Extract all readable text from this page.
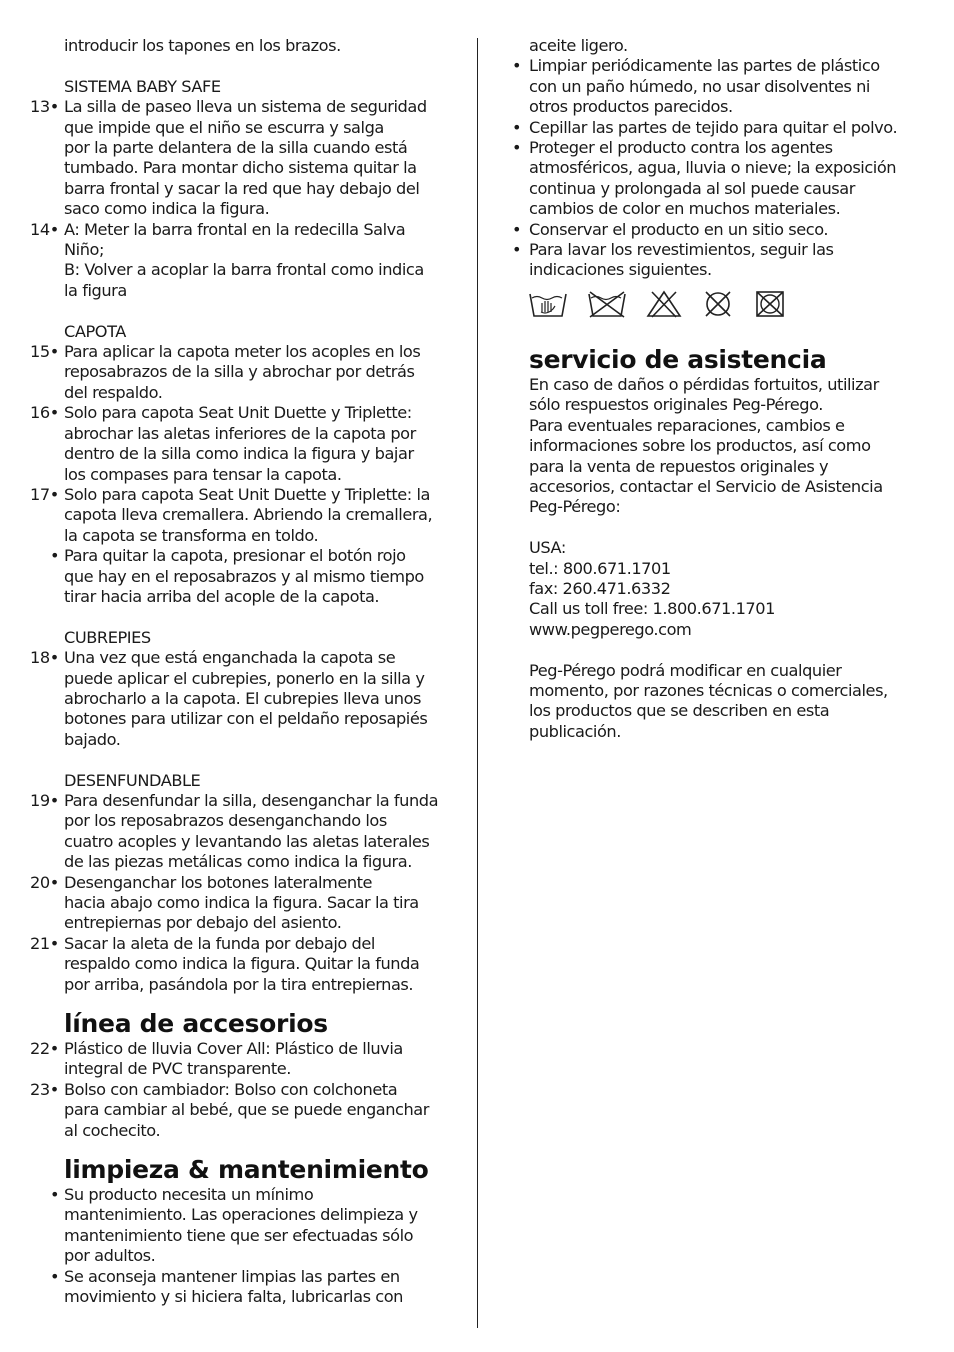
introducir los tapones en los brazos.
SISTEMA BABY SAFE
13• La silla de paseo lleva un sistema de seguridad
que impide que el niño se escurra y salga
por la parte delantera de la silla cuando está
tumbado. Para montar dicho sistema quitar la
barra frontal y sacar la red que hay debajo del
saco como indica la figura.
14• A: Meter la barra frontal en la redecilla Salva
Niño;
B: Volver a acoplar la barra frontal como indica
la figura
CAPOTA
15• Para aplicar la capota meter los acoples en los
reposabrazos de la silla y abrochar por detrás
del respaldo.
16• Solo para capota Seat Unit Duette y Triplette:
abrochar las aletas inferiores de la capota por
dentro de la silla como indica la figura y bajar
los compases para tensar la capota.
17• Solo para capota Seat Unit Duette y Triplette: la
capota lleva cremallera. Abriendo la cremallera,
la capota se transforma en toldo.
• Para quitar la capota, presionar el botón rojo
que hay en el reposabrazos y al mismo tiempo
tirar hacia arriba del acople de la capota.
CUBREPIES
18• Una vez que está enganchada la capota se
puede aplicar el cubrepies, ponerlo en la silla y
abrocharlo a la capota. El cubrepies lleva unos
botones para utilizar con el peldaño reposapiés
bajado.
DESENFUNDABLE
19• Para desenfundar la silla, desenganchar la funda
por los reposabrazos desenganchando los
cuatro acoples y levantando las aletas laterales
de las piezas metálicas como indica la figura.
20• Desenganchar los botones lateralmente
hacia abajo como indica la figura. Sacar la tira
entrepiernas por debajo del asiento.
21• Sacar la aleta de la funda por debajo del
respaldo como indica la figura. Quitar la funda
por arriba, pasándola por la tira entrepiernas.
línea de accesorios
22• Plástico de lluvia Cover All: Plástico de lluvia
integral de PVC transparente.
23• Bolso con cambiador: Bolso con colchoneta
para cambiar al bebé, que se puede enganchar
al cochecito.
limpieza & mantenimiento
• Su producto necesita un mínimo
mantenimiento. Las operaciones delimpieza y
mantenimiento tiene que ser efectuadas sólo
por adultos.
• Se aconseja mantener limpias las partes en
movimiento y si hiciera falta, lubricarlas con
aceite ligero.
• Limpiar periódicamente las partes de plástico
con un paño húmedo, no usar disolventes ni
otros productos parecidos.
• Cepillar las partes de tejido para quitar el polvo.
• Proteger el producto contra los agentes
atmosféricos, agua, lluvia o nieve; la exposición
continua y prolongada al sol puede causar
cambios de color en muchos materiales.
• Conservar el producto en un sitio seco.
• Para lavar los revestimientos, seguir las
indicaciones siguientes.
servicio de asistencia
En caso de daños o pérdidas fortuitos, utilizar
sólo respuestos originales Peg-Pérego.
Para eventuales reparaciones, cambios e
informaciones sobre los productos, así como
para la venta de repuestos originales y
accesorios, contactar el Servicio de Asistencia
Peg-Pérego:
USA:
tel.: 800.671.1701
fax: 260.471.6332
Call us toll free: 1.800.671.1701
www.pegperego.com
Peg-Pérego podrá modificar en cualquier
momento, por razones técnicas o comerciales,
los productos que se describen en esta
publicación.
